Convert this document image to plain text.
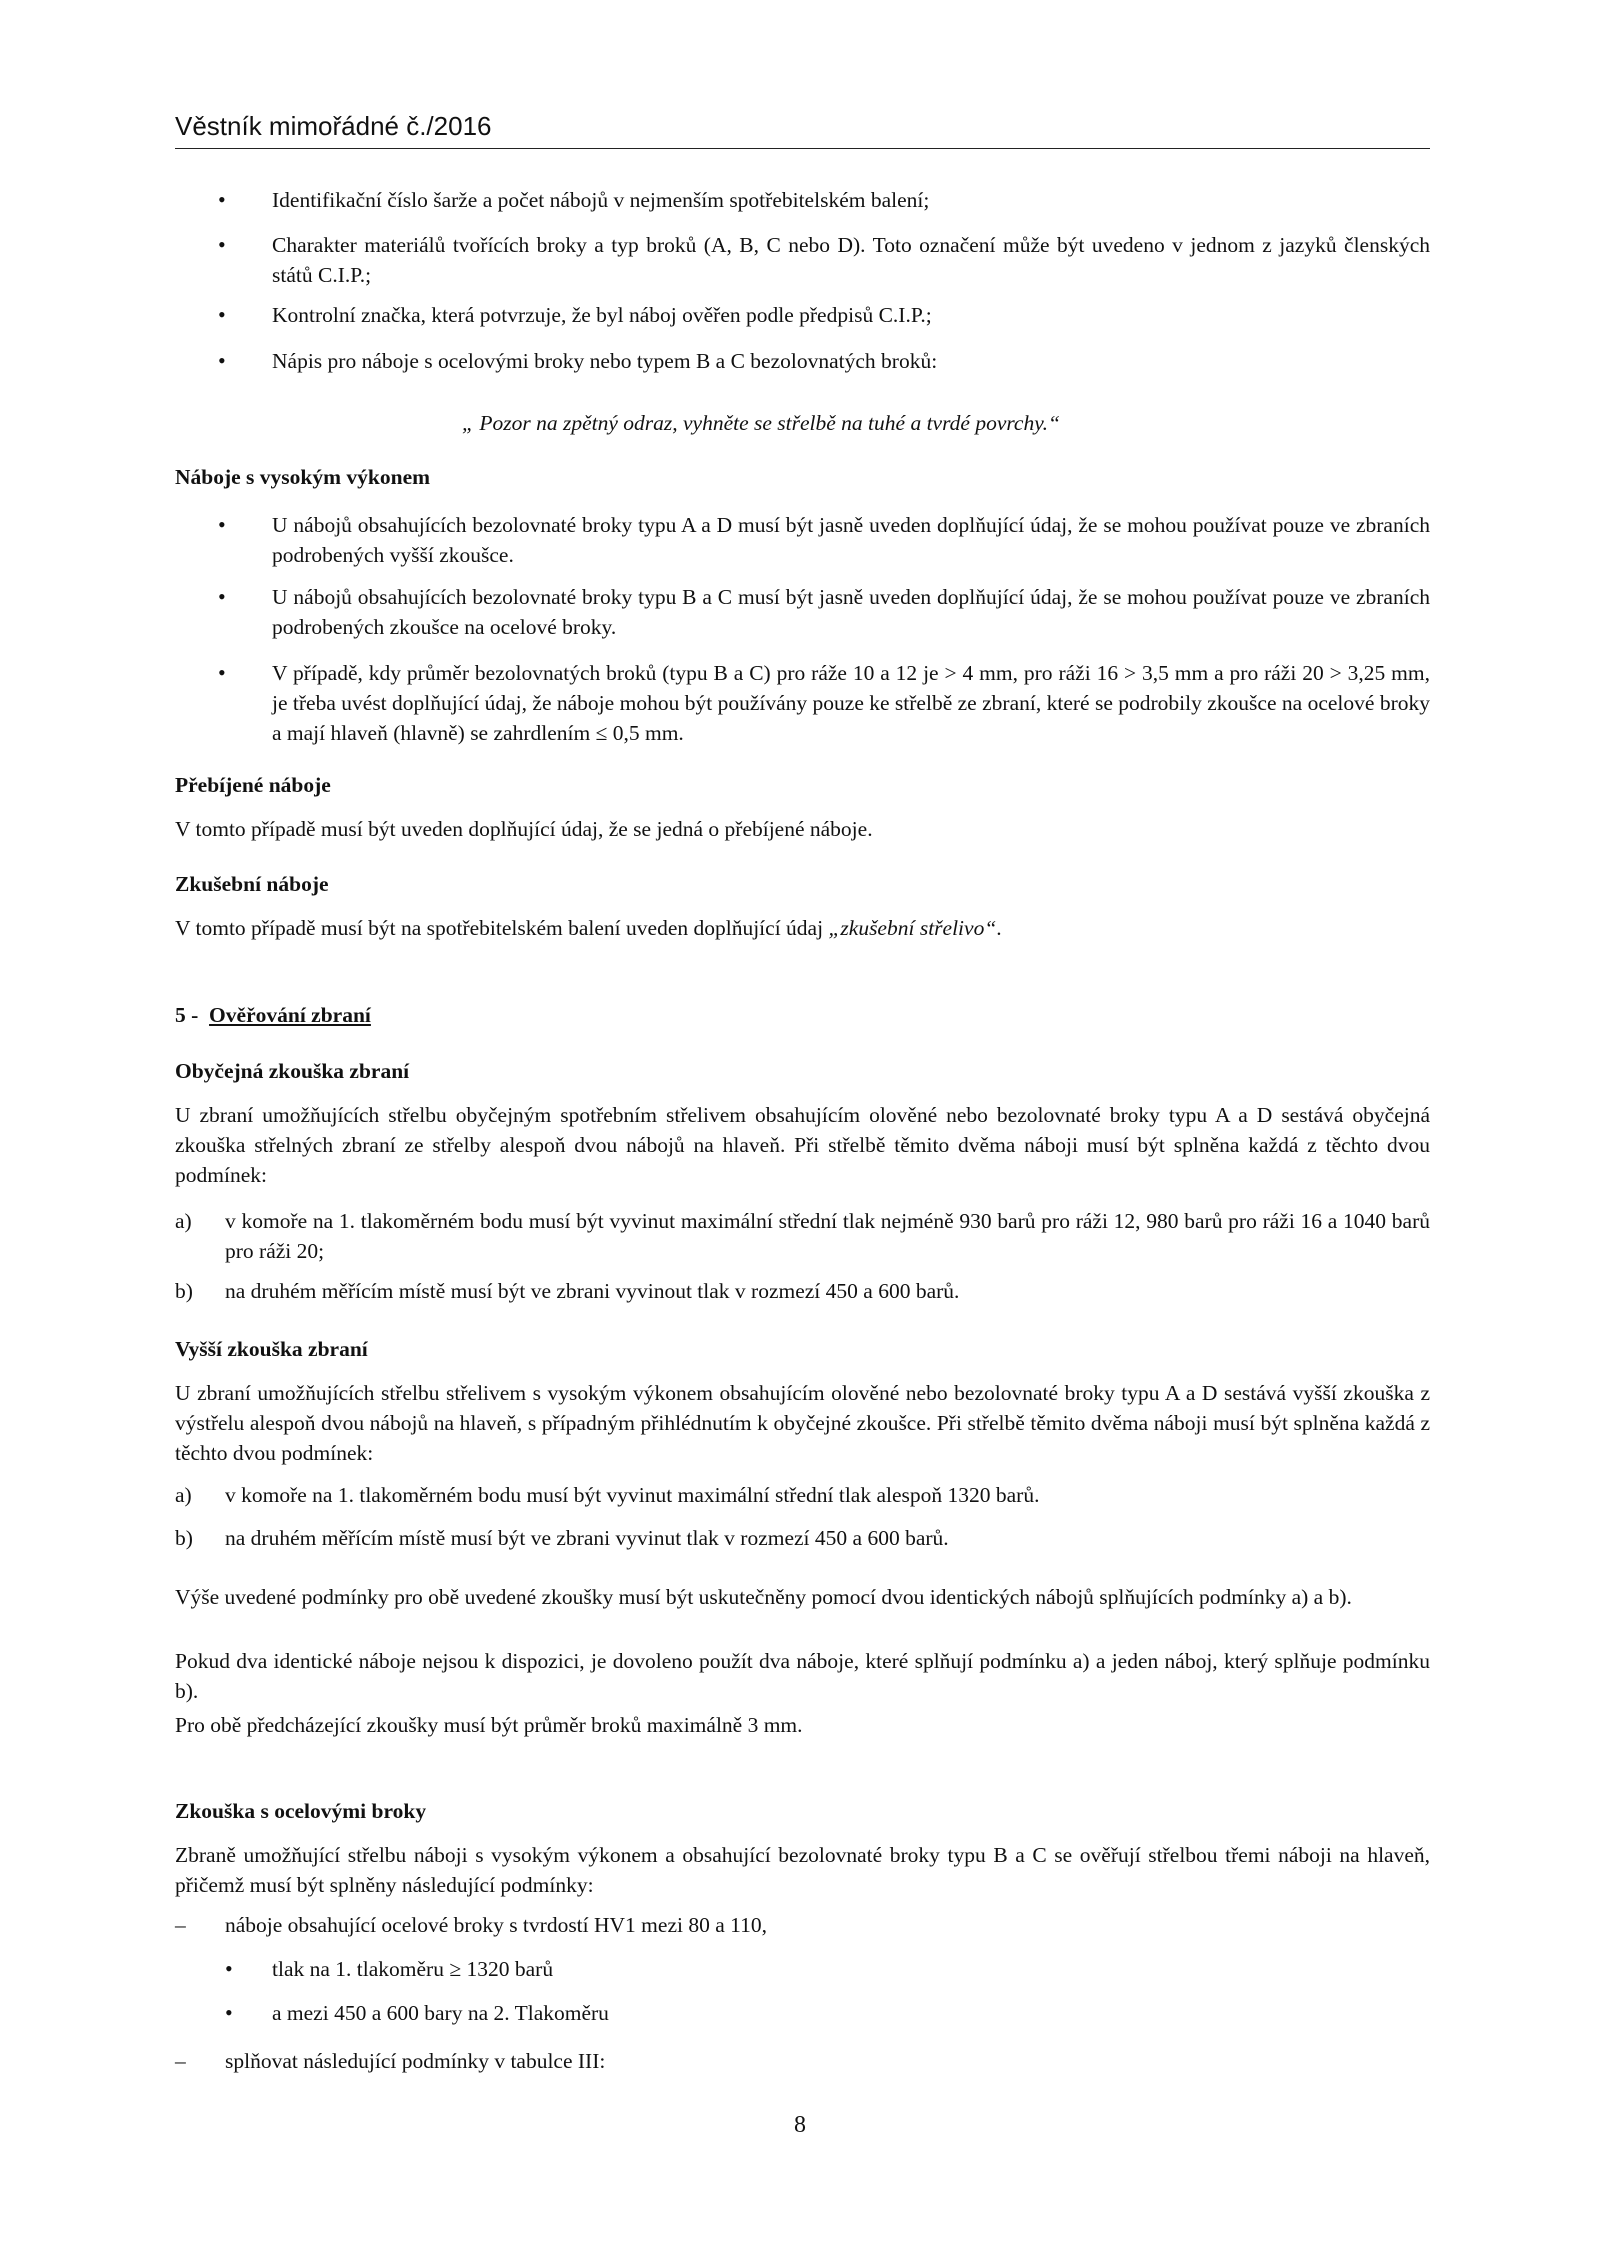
Věstník mimořádné č./2016
• Identifikační číslo šarže a počet nábojů v nejmenším spotřebitelském balení;
• Charakter materiálů tvořících broky a typ broků (A, B, C nebo D). Toto označení může být uvedeno v jednom z jazyků členských států C.I.P.;
• Kontrolní značka, která potvrzuje, že byl náboj ověřen podle předpisů C.I.P.;
• Nápis pro náboje s ocelovými broky nebo typem B a C bezolovnatých broků:
„ Pozor na zpětný odraz, vyhněte se střelbě na tuhé a tvrdé povrchy.“
Náboje s vysokým výkonem
• U nábojů obsahujících bezolovnaté broky typu A a D musí být jasně uveden doplňující údaj, že se mohou používat pouze ve zbraních podrobených vyšší zkoušce.
• U nábojů obsahujících bezolovnaté broky typu B a C musí být jasně uveden doplňující údaj, že se mohou používat pouze ve zbraních podrobených zkoušce na ocelové broky.
• V případě, kdy průměr bezolovnatých broků (typu B a C) pro ráže 10 a 12 je > 4 mm, pro ráži 16 > 3,5 mm a pro ráži 20 > 3,25 mm, je třeba uvést doplňující údaj, že náboje mohou být používány pouze ke střelbě ze zbraní, které se podrobily zkoušce na ocelové broky a mají hlaveň (hlavně) se zahrdlením ≤ 0,5 mm.
Přebíjené náboje
V tomto případě musí být uveden doplňující údaj, že se jedná o přebíjené náboje.
Zkušební náboje
V tomto případě musí být na spotřebitelském balení uveden doplňující údaj „zkušební střelivo“.
5 - Ověřování zbraní
Obyčejná zkouška zbraní
U zbraní umožňujících střelbu obyčejným spotřebním střelivem obsahujícím olověné nebo bezolovnaté broky typu A a D sestává obyčejná zkouška střelných zbraní ze střelby alespoň dvou nábojů na hlaveň. Při střelbě těmito dvěma náboji musí být splněna každá z těchto dvou podmínek:
a) v komoře na 1. tlakoměrném bodu musí být vyvinut maximální střední tlak nejméně 930 barů pro ráži 12, 980 barů pro ráži 16 a 1040 barů pro ráži 20;
b) na druhém měřícím místě musí být ve zbrani vyvinout tlak v rozmezí 450 a 600 barů.
Vyšší zkouška zbraní
U zbraní umožňujících střelbu střelivem s vysokým výkonem obsahujícím olověné nebo bezolovnaté broky typu A a D sestává vyšší zkouška z výstřelu alespoň dvou nábojů na hlaveň, s případným přihlédnutím k obyčejné zkoušce. Při střelbě těmito dvěma náboji musí být splněna každá z těchto dvou podmínek:
a) v komoře na 1. tlakoměrném bodu musí být vyvinut maximální střední tlak alespoň 1320 barů.
b) na druhém měřícím místě musí být ve zbrani vyvinut tlak v rozmezí 450 a 600 barů.
Výše uvedené podmínky pro obě uvedené zkoušky musí být uskutečněny pomocí dvou identických nábojů splňujících podmínky a) a b).
Pokud dva identické náboje nejsou k dispozici, je dovoleno použít dva náboje, které splňují podmínku a) a jeden náboj, který splňuje podmínku b).
Pro obě předcházející zkoušky musí být průměr broků maximálně 3 mm.
Zkouška s ocelovými broky
Zbraně umožňující střelbu náboji s vysokým výkonem a obsahující bezolovnaté broky typu B a C se ověřují střelbou třemi náboji na hlaveň, přičemž musí být splněny následující podmínky:
– náboje obsahující ocelové broky s tvrdostí HV1 mezi 80 a 110,
• tlak na 1. tlakoměru ≥ 1320 barů
• a mezi 450 a 600 bary na 2. Tlakoměru
– splňovat následující podmínky v tabulce III:
8
